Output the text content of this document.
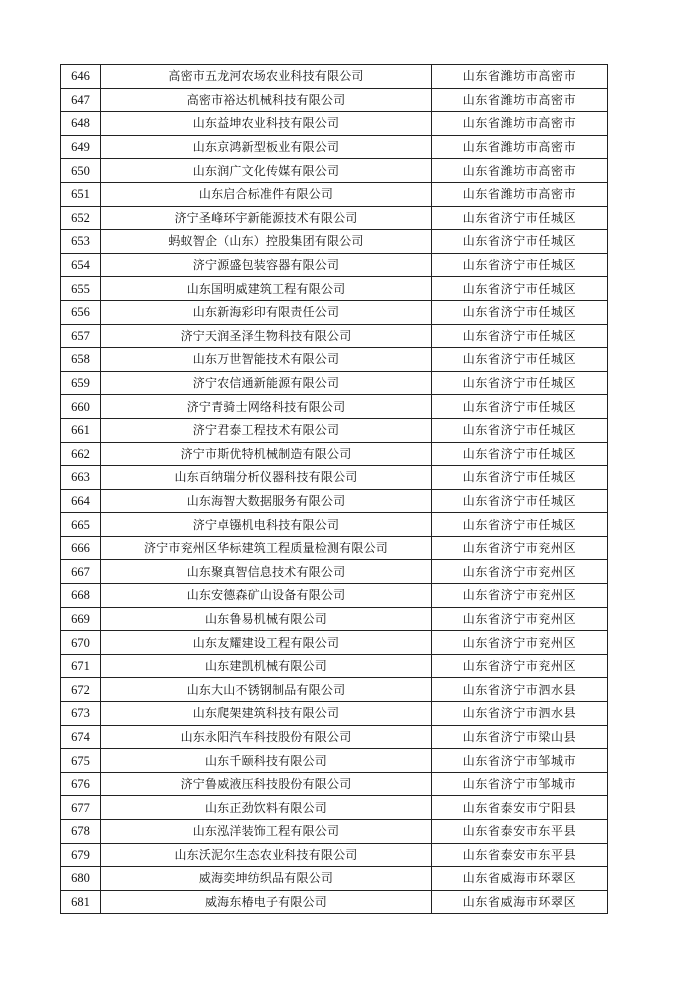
646	高密市五龙河农场农业科技有限公司	山东省潍坊市高密市
647	高密市裕达机械科技有限公司	山东省潍坊市高密市
648	山东益坤农业科技有限公司	山东省潍坊市高密市
649	山东京鸿新型板业有限公司	山东省潍坊市高密市
650	山东润广文化传媒有限公司	山东省潍坊市高密市
651	山东启合标准件有限公司	山东省潍坊市高密市
652	济宁圣峰环宇新能源技术有限公司	山东省济宁市任城区
653	蚂蚁智企（山东）控股集团有限公司	山东省济宁市任城区
654	济宁源盛包装容器有限公司	山东省济宁市任城区
655	山东国明威建筑工程有限公司	山东省济宁市任城区
656	山东新海彩印有限责任公司	山东省济宁市任城区
657	济宁天润圣泽生物科技有限公司	山东省济宁市任城区
658	山东万世智能技术有限公司	山东省济宁市任城区
659	济宁农信通新能源有限公司	山东省济宁市任城区
660	济宁青骑士网络科技有限公司	山东省济宁市任城区
661	济宁君泰工程技术有限公司	山东省济宁市任城区
662	济宁市斯优特机械制造有限公司	山东省济宁市任城区
663	山东百纳瑞分析仪器科技有限公司	山东省济宁市任城区
664	山东海智大数据服务有限公司	山东省济宁市任城区
665	济宁卓镪机电科技有限公司	山东省济宁市任城区
666	济宁市兖州区华标建筑工程质量检测有限公司	山东省济宁市兖州区
667	山东聚真智信息技术有限公司	山东省济宁市兖州区
668	山东安德森矿山设备有限公司	山东省济宁市兖州区
669	山东鲁易机械有限公司	山东省济宁市兖州区
670	山东友耀建设工程有限公司	山东省济宁市兖州区
671	山东建凯机械有限公司	山东省济宁市兖州区
672	山东大山不锈钢制品有限公司	山东省济宁市泗水县
673	山东爬架建筑科技有限公司	山东省济宁市泗水县
674	山东永阳汽车科技股份有限公司	山东省济宁市梁山县
675	山东千颐科技有限公司	山东省济宁市邹城市
676	济宁鲁威液压科技股份有限公司	山东省济宁市邹城市
677	山东正劲饮料有限公司	山东省泰安市宁阳县
678	山东泓洋装饰工程有限公司	山东省泰安市东平县
679	山东沃泥尔生态农业科技有限公司	山东省泰安市东平县
680	威海奕坤纺织品有限公司	山东省威海市环翠区
681	威海东椿电子有限公司	山东省威海市环翠区
